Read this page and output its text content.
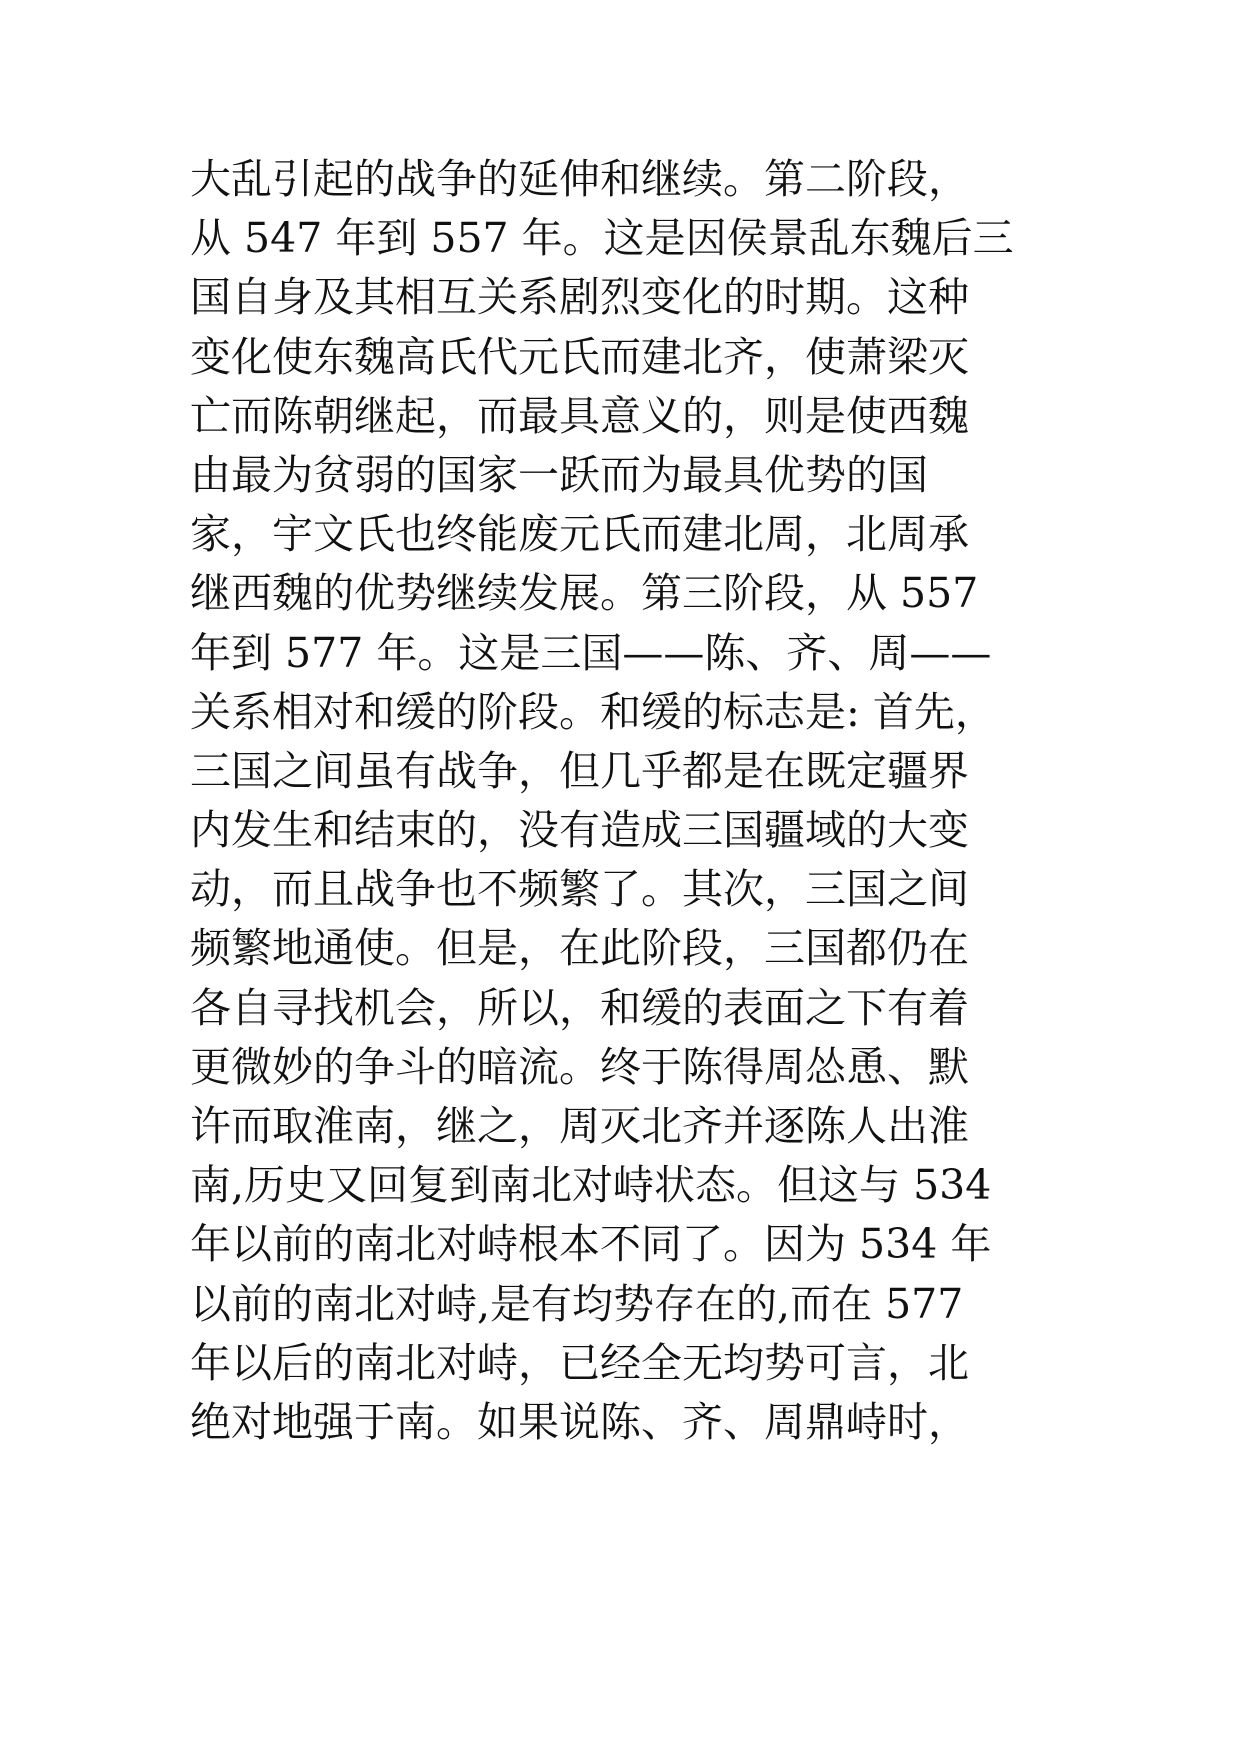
大乱引起的战争的延伸和继续。第二阶段，
从 547 年到 557 年。这是因侯景乱东魏后三
国自身及其相互关系剧烈变化的时期。这种
变化使东魏高氏代元氏而建北齐，使萧梁灭
亡而陈朝继起，而最具意义的，则是使西魏
由最为贫弱的国家一跃而为最具优势的国
家，宇文氏也终能废元氏而建北周，北周承
继西魏的优势继续发展。第三阶段，从 557
年到 577 年。这是三国——陈、齐、周——
关系相对和缓的阶段。和缓的标志是: 首先，
三国之间虽有战争，但几乎都是在既定疆界
内发生和结束的，没有造成三国疆域的大变
动，而且战争也不频繁了。其次，三国之间
频繁地通使。但是，在此阶段，三国都仍在
各自寻找机会，所以，和缓的表面之下有着
更微妙的争斗的暗流。终于陈得周怂恿、默
许而取淮南，继之，周灭北齐并逐陈人出淮
南,历史又回复到南北对峙状态。但这与 534
年以前的南北对峙根本不同了。因为 534 年
以前的南北对峙,是有均势存在的,而在 577
年以后的南北对峙，已经全无均势可言，北
绝对地强于南。如果说陈、齐、周鼎峙时，
